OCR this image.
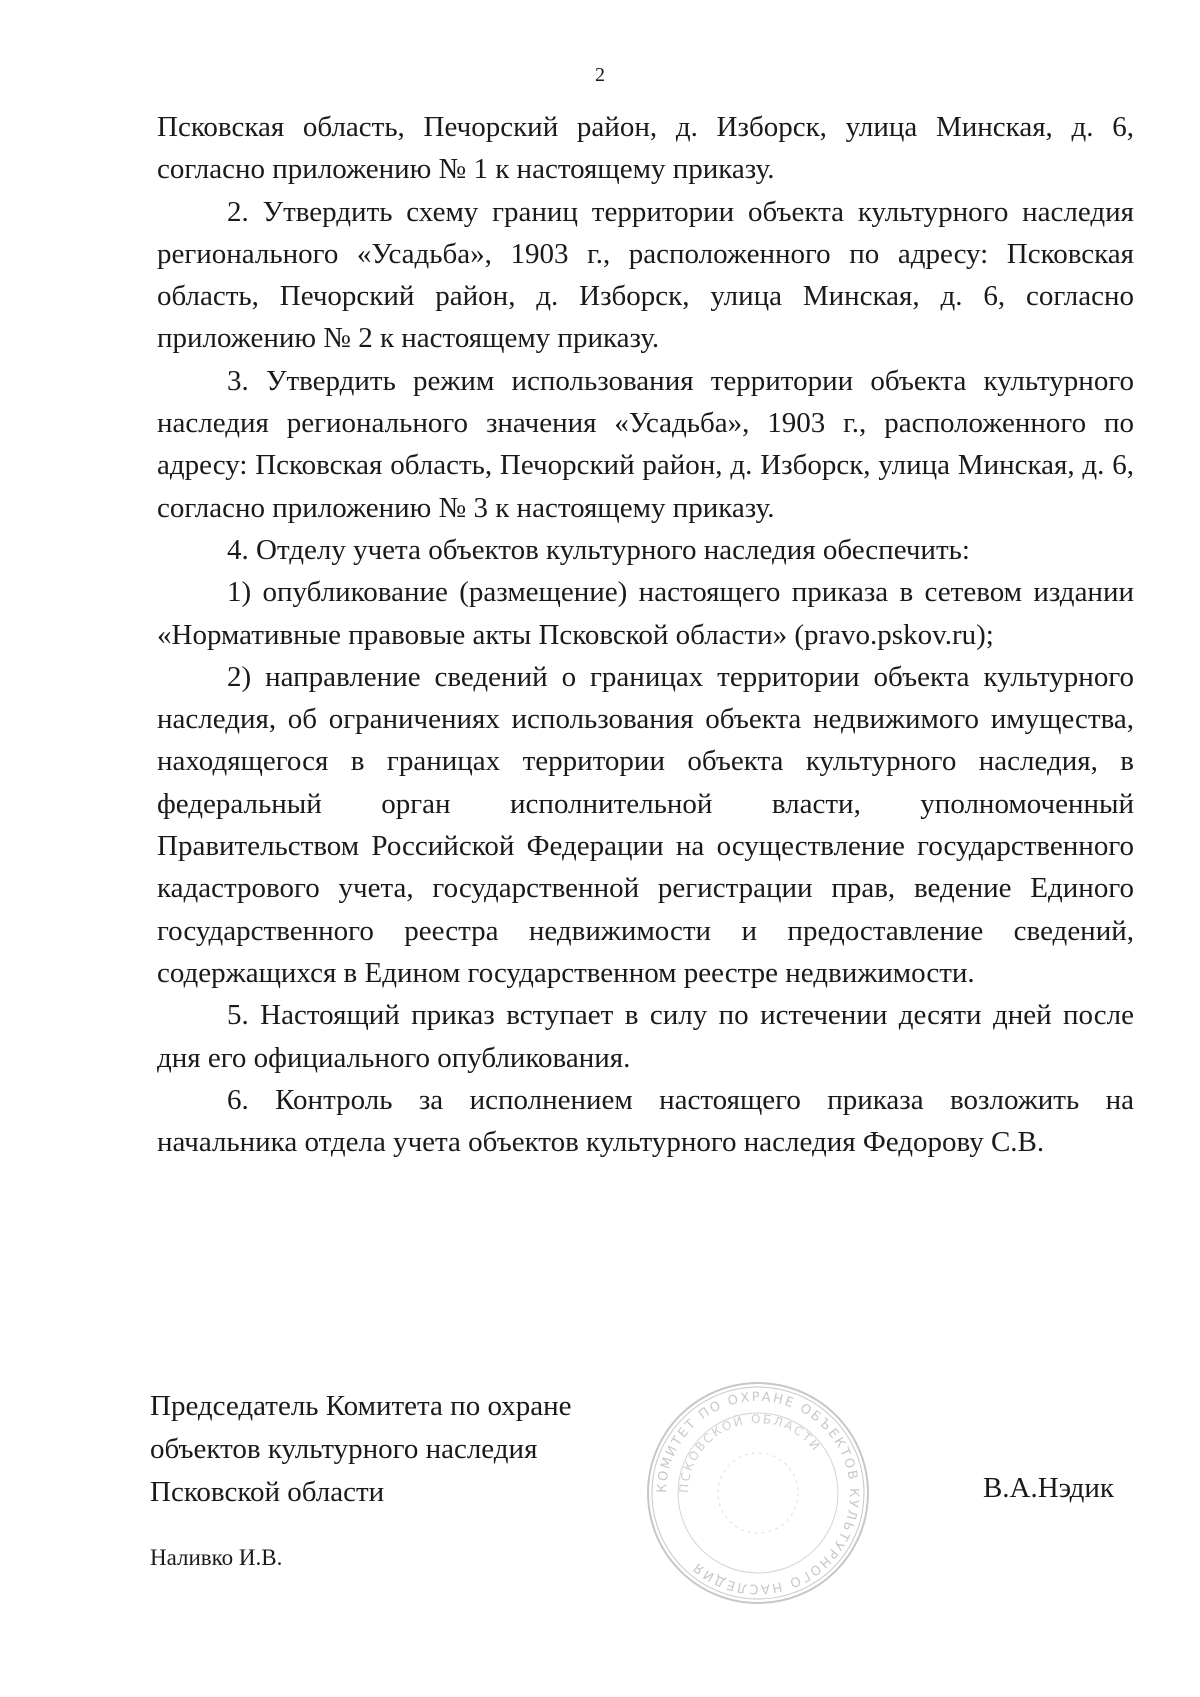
2

Псковская область, Печорский район, д. Изборск, улица Минская, д. 6, согласно приложению № 1 к настоящему приказу.

2. Утвердить схему границ территории объекта культурного наследия регионального «Усадьба», 1903 г., расположенного по адресу: Псковская область, Печорский район, д. Изборск, улица Минская, д. 6, согласно приложению № 2 к настоящему приказу.

3. Утвердить режим использования территории объекта культурного наследия регионального значения «Усадьба», 1903 г., расположенного по адресу: Псковская область, Печорский район, д. Изборск, улица Минская, д. 6, согласно приложению № 3 к настоящему приказу.

4. Отделу учета объектов культурного наследия обеспечить:

1) опубликование (размещение) настоящего приказа в сетевом издании «Нормативные правовые акты Псковской области» (pravo.pskov.ru);

2) направление сведений о границах территории объекта культурного наследия, об ограничениях использования объекта недвижимого имущества, находящегося в границах территории объекта культурного наследия, в федеральный орган исполнительной власти, уполномоченный Правительством Российской Федерации на осуществление государственного кадастрового учета, государственной регистрации прав, ведение Единого государственного реестра недвижимости и предоставление сведений, содержащихся в Едином государственном реестре недвижимости.

5. Настоящий приказ вступает в силу по истечении десяти дней после дня его официального опубликования.

6. Контроль за исполнением настоящего приказа возложить на начальника отдела учета объектов культурного наследия Федорову С.В.

Председатель Комитета по охране
объектов культурного наследия
Псковской области	КОМИТЕТ ПО ОХРАНЕ ОБЪЕКТОВ КУЛЬТУРНОГО НАСЛЕДИЯ
ПСКОВСКОЙ ОБЛАСТИ
В.А.Нэдик
Наливко И.В.
